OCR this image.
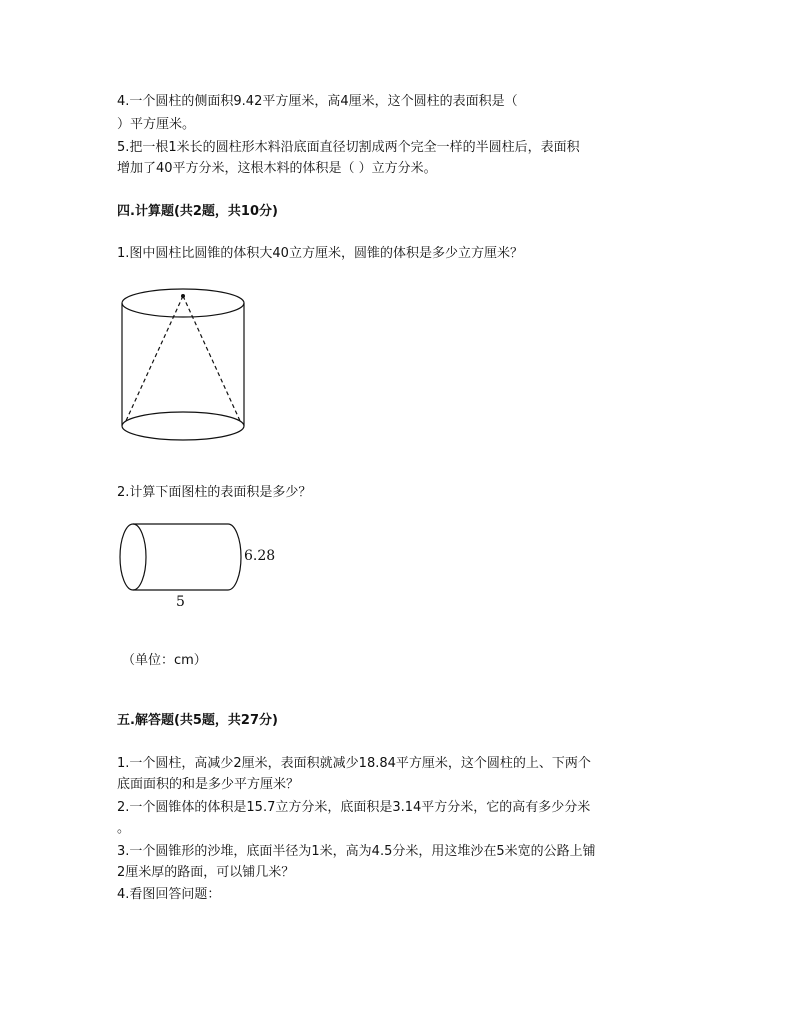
4.一个圆柱的侧面积9.42平方厘米，高4厘米，这个圆柱的表面积是（
）平方厘米。
5.把一根1米长的圆柱形木料沿底面直径切割成两个完全一样的半圆柱后，表面积
增加了40平方分米，这根木料的体积是（ ）立方分米。
四.计算题(共2题，共10分)
1.图中圆柱比圆锥的体积大40立方厘米，圆锥的体积是多少立方厘米？
2.计算下面图柱的表面积是多少？
6.28
5
（单位：cm）
五.解答题(共5题，共27分)
1.一个圆柱，高减少2厘米，表面积就减少18.84平方厘米，这个圆柱的上、下两个
底面面积的和是多少平方厘米？
2.一个圆锥体的体积是15.7立方分米，底面积是3.14平方分米，它的高有多少分米
。
3.一个圆锥形的沙堆，底面半径为1米，高为4.5分米，用这堆沙在5米宽的公路上铺
2厘米厚的路面，可以铺几米？
4.看图回答问题：
